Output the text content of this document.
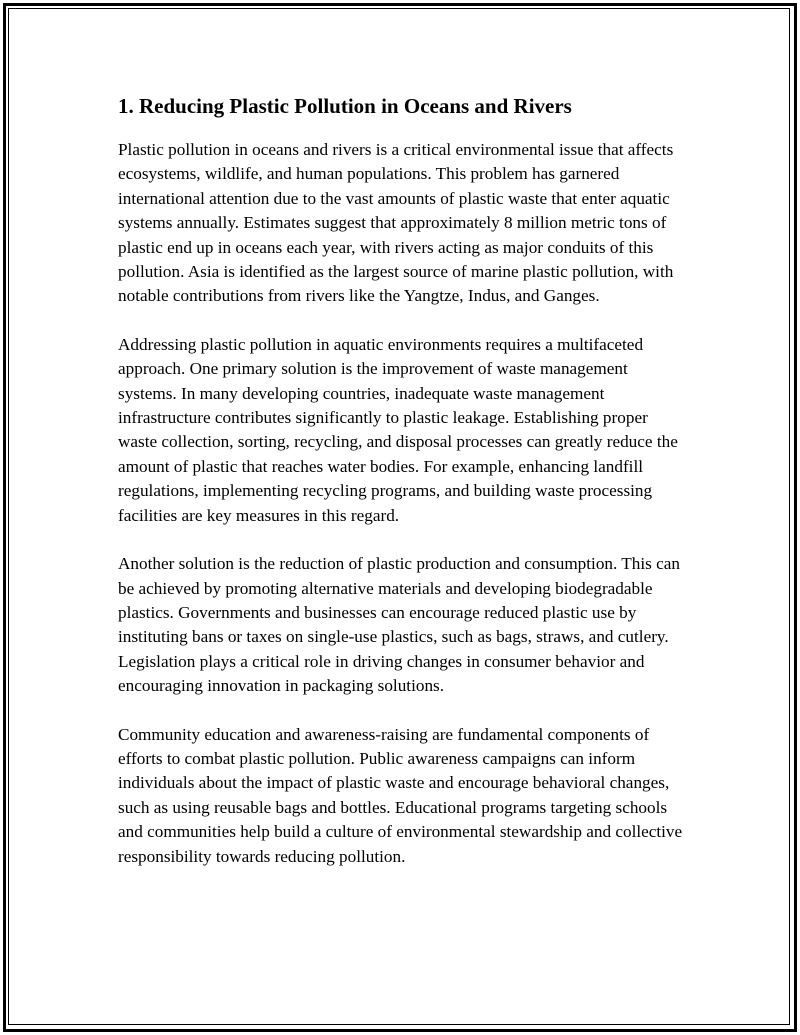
1. Reducing Plastic Pollution in Oceans and Rivers

Plastic pollution in oceans and rivers is a critical environmental issue that affects ecosystems, wildlife, and human populations. This problem has garnered international attention due to the vast amounts of plastic waste that enter aquatic systems annually. Estimates suggest that approximately 8 million metric tons of plastic end up in oceans each year, with rivers acting as major conduits of this pollution. Asia is identified as the largest source of marine plastic pollution, with notable contributions from rivers like the Yangtze, Indus, and Ganges.

Addressing plastic pollution in aquatic environments requires a multifaceted approach. One primary solution is the improvement of waste management systems. In many developing countries, inadequate waste management infrastructure contributes significantly to plastic leakage. Establishing proper waste collection, sorting, recycling, and disposal processes can greatly reduce the amount of plastic that reaches water bodies. For example, enhancing landfill regulations, implementing recycling programs, and building waste processing facilities are key measures in this regard.

Another solution is the reduction of plastic production and consumption. This can be achieved by promoting alternative materials and developing biodegradable plastics. Governments and businesses can encourage reduced plastic use by instituting bans or taxes on single-use plastics, such as bags, straws, and cutlery. Legislation plays a critical role in driving changes in consumer behavior and encouraging innovation in packaging solutions.

Community education and awareness-raising are fundamental components of efforts to combat plastic pollution. Public awareness campaigns can inform individuals about the impact of plastic waste and encourage behavioral changes, such as using reusable bags and bottles. Educational programs targeting schools and communities help build a culture of environmental stewardship and collective responsibility towards reducing pollution.
